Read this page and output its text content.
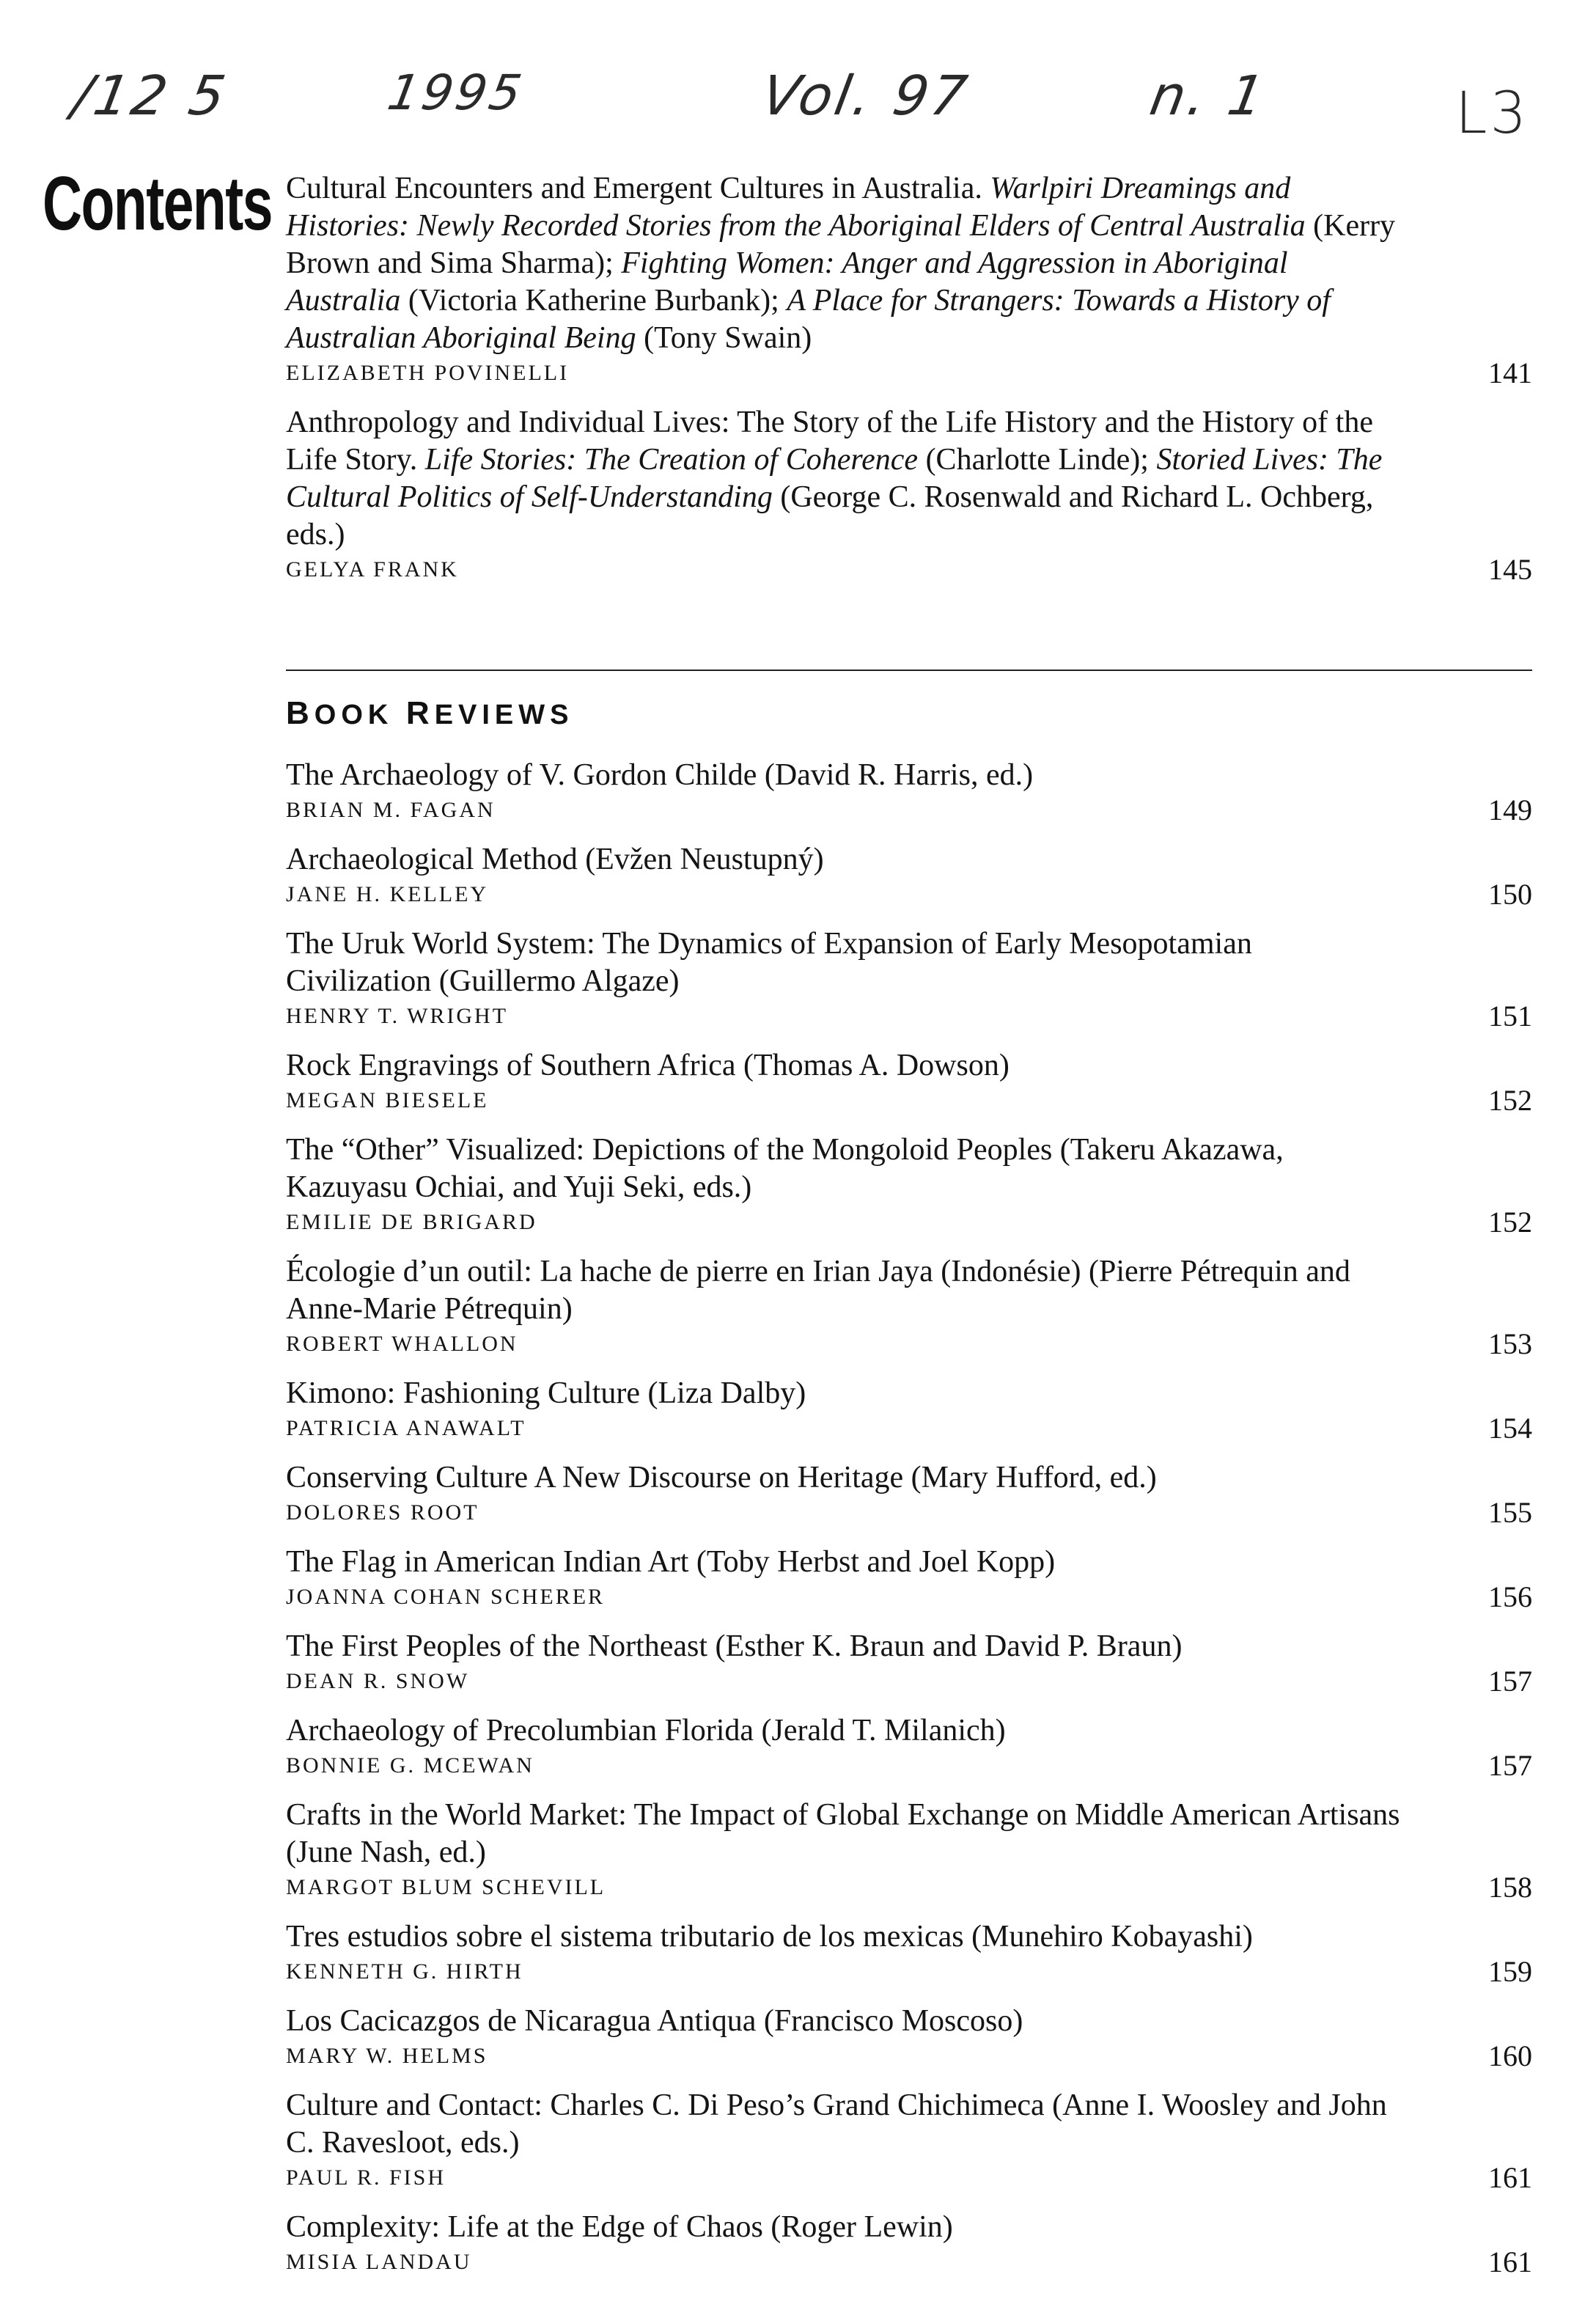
/12 5	1995	Vol. 97	n. 1	L3
Contents Cultural Encounters and Emergent Cultures in Australia. Warlpiri Dreamings and Histories: Newly Recorded Stories from the Aboriginal Elders of Central Australia (Kerry Brown and Sima Sharma); Fighting Women: Anger and Aggression in Aboriginal Australia (Victoria Katherine Burbank); A Place for Strangers: Towards a History of Australian Aboriginal Being (Tony Swain)
ELIZABETH POVINELLI	141
Anthropology and Individual Lives: The Story of the Life History and the History of the Life Story. Life Stories: The Creation of Coherence (Charlotte Linde); Storied Lives: The Cultural Politics of Self-Understanding (George C. Rosenwald and Richard L. Ochberg, eds.)
GELYA FRANK	145
BOOK REVIEWS
The Archaeology of V. Gordon Childe (David R. Harris, ed.)
BRIAN M. FAGAN	149
Archaeological Method (Evžen Neustupný)
JANE H. KELLEY	150
The Uruk World System: The Dynamics of Expansion of Early Mesopotamian Civilization (Guillermo Algaze)
HENRY T. WRIGHT	151
Rock Engravings of Southern Africa (Thomas A. Dowson)
MEGAN BIESELE	152
The “Other” Visualized: Depictions of the Mongoloid Peoples (Takeru Akazawa, Kazuyasu Ochiai, and Yuji Seki, eds.)
EMILIE DE BRIGARD	152
Écologie d’un outil: La hache de pierre en Irian Jaya (Indonésie) (Pierre Pétrequin and Anne-Marie Pétrequin)
ROBERT WHALLON	153
Kimono: Fashioning Culture (Liza Dalby)
PATRICIA ANAWALT	154
Conserving Culture A New Discourse on Heritage (Mary Hufford, ed.)
DOLORES ROOT	155
The Flag in American Indian Art (Toby Herbst and Joel Kopp)
JOANNA COHAN SCHERER	156
The First Peoples of the Northeast (Esther K. Braun and David P. Braun)
DEAN R. SNOW	157
Archaeology of Precolumbian Florida (Jerald T. Milanich)
BONNIE G. MCEWAN	157
Crafts in the World Market: The Impact of Global Exchange on Middle American Artisans (June Nash, ed.)
MARGOT BLUM SCHEVILL	158
Tres estudios sobre el sistema tributario de los mexicas (Munehiro Kobayashi)
KENNETH G. HIRTH	159
Los Cacicazgos de Nicaragua Antiqua (Francisco Moscoso)
MARY W. HELMS	160
Culture and Contact: Charles C. Di Peso’s Grand Chichimeca (Anne I. Woosley and John C. Ravesloot, eds.)
PAUL R. FISH	161
Complexity: Life at the Edge of Chaos (Roger Lewin)
MISIA LANDAU	161
